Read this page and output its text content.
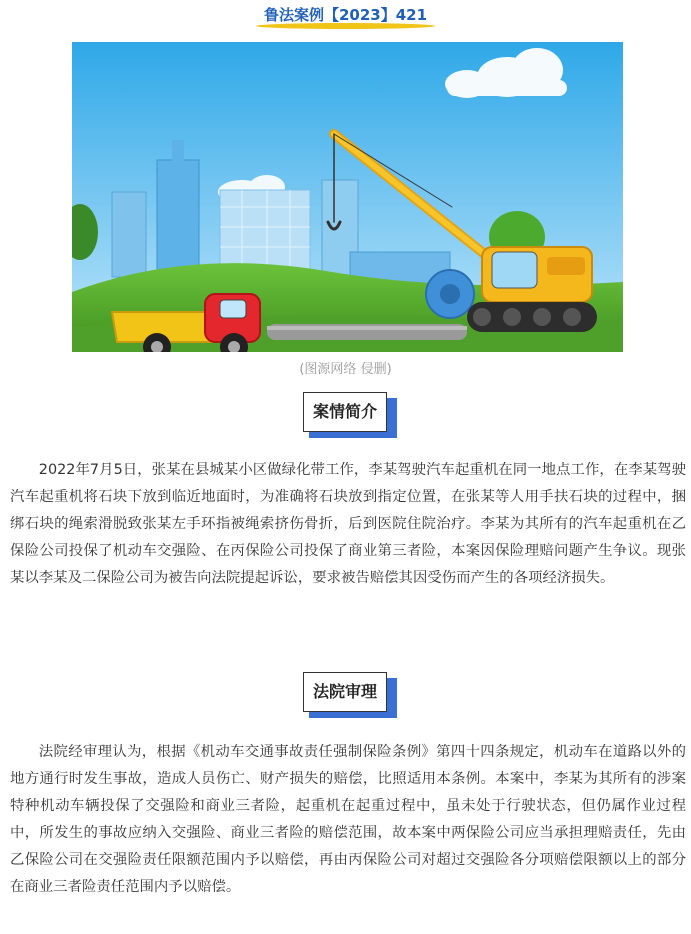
鲁法案例【2023】421
(图源网络 侵删)
案情简介

2022年7月5日，张某在县城某小区做绿化带工作，李某驾驶汽车起重机在同一地点工作，在李某驾驶汽车起重机将石块下放到临近地面时，为准确将石块放到指定位置，在张某等人用手扶石块的过程中，捆绑石块的绳索滑脱致张某左手环指被绳索挤伤骨折，后到医院住院治疗。李某为其所有的汽车起重机在乙保险公司投保了机动车交强险、在丙保险公司投保了商业第三者险，本案因保险理赔问题产生争议。现张某以李某及二保险公司为被告向法院提起诉讼，要求被告赔偿其因受伤而产生的各项经济损失。

法院审理

法院经审理认为，根据《机动车交通事故责任强制保险条例》第四十四条规定，机动车在道路以外的地方通行时发生事故，造成人员伤亡、财产损失的赔偿，比照适用本条例。本案中，李某为其所有的涉案特种机动车辆投保了交强险和商业三者险，起重机在起重过程中，虽未处于行驶状态，但仍属作业过程中，所发生的事故应纳入交强险、商业三者险的赔偿范围，故本案中两保险公司应当承担理赔责任，先由乙保险公司在交强险责任限额范围内予以赔偿，再由丙保险公司对超过交强险各分项赔偿限额以上的部分在商业三者险责任范围内予以赔偿。
